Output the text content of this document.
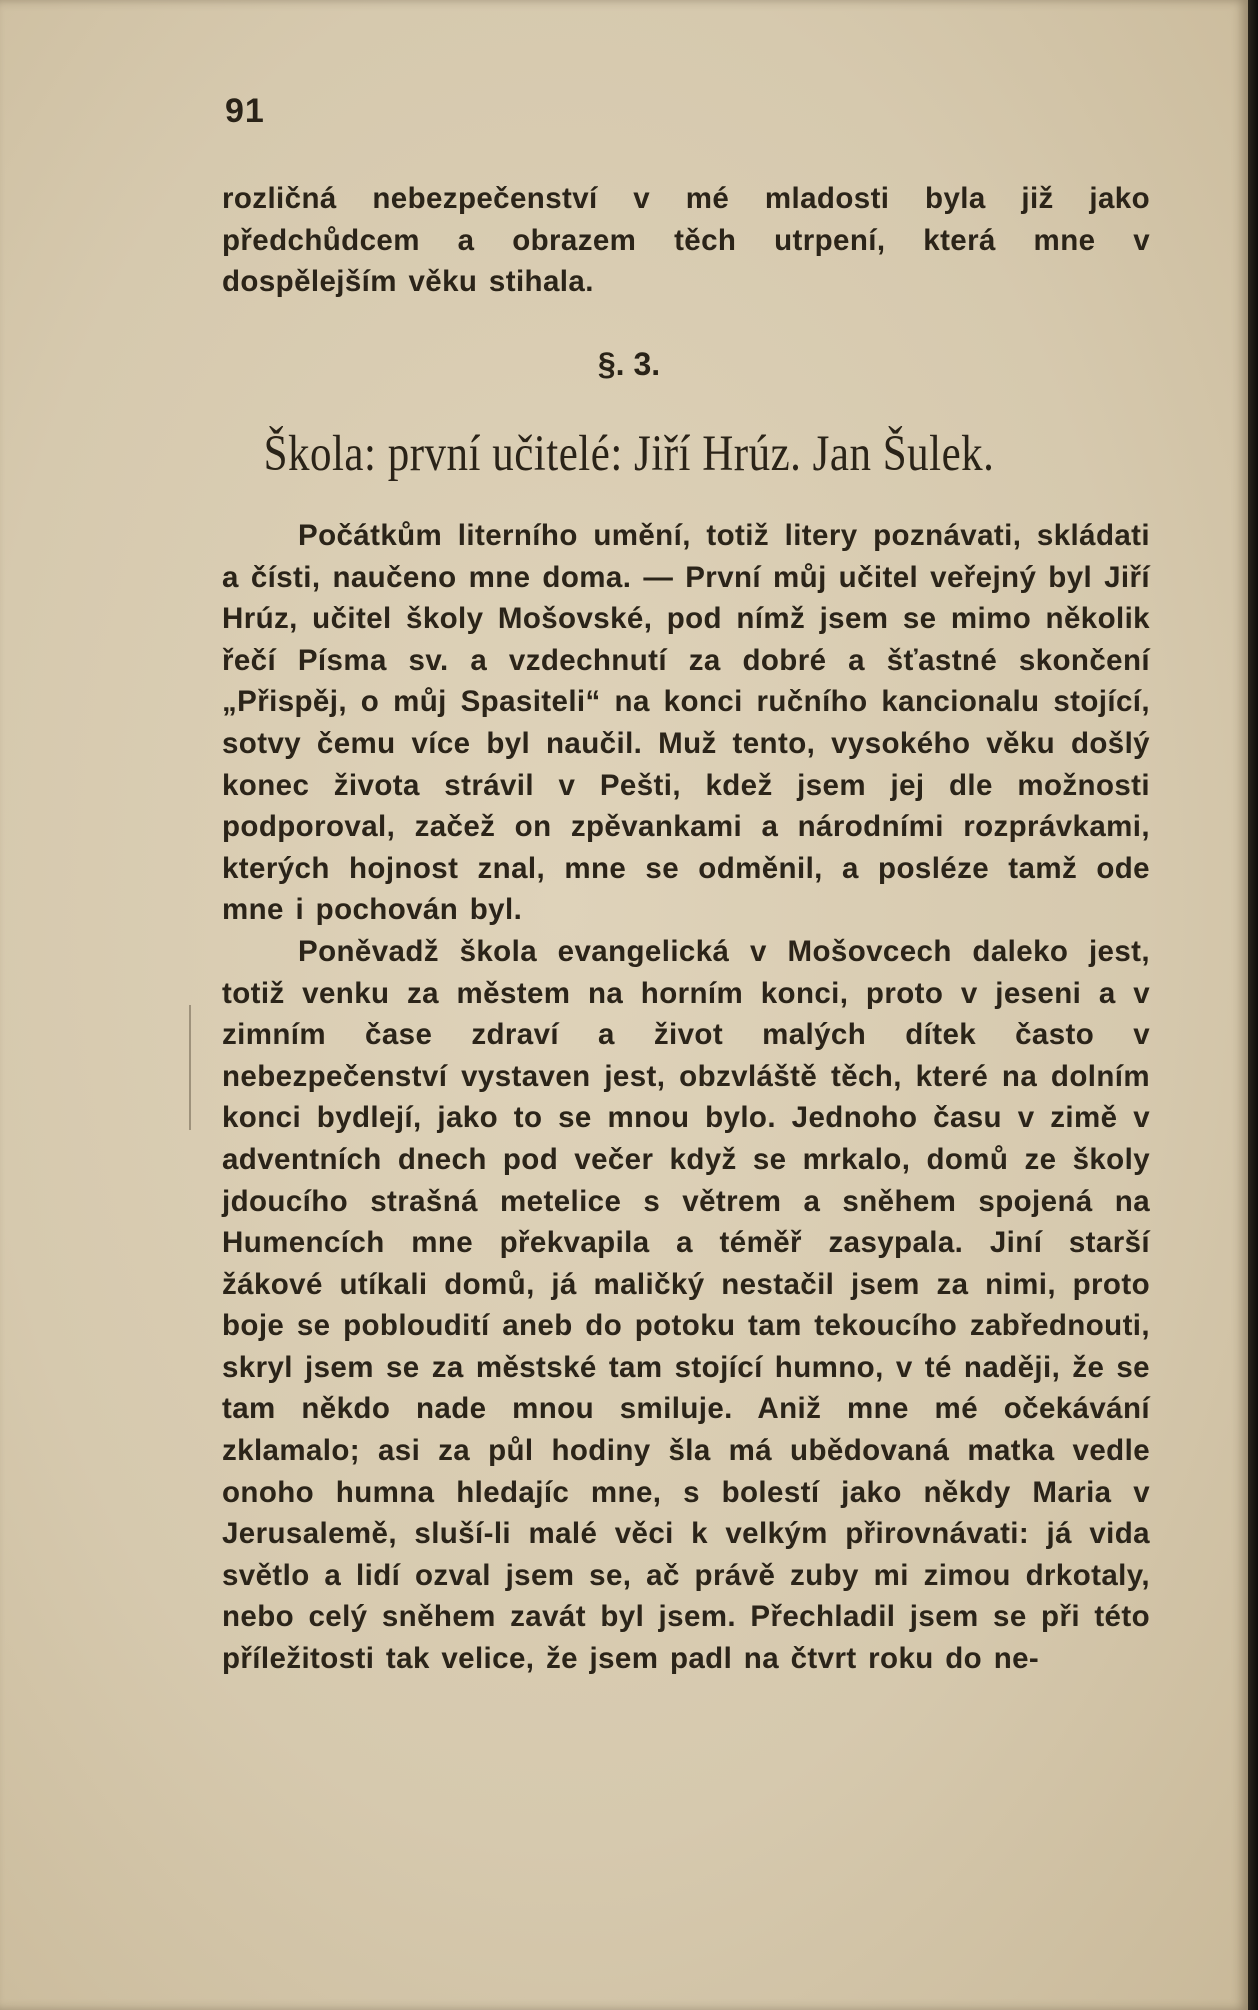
91

rozličná nebezpečenství v mé mladosti byla již jako předchůdcem a obrazem těch utrpení, která mne v dospělejším věku stihala.

§. 3.
Škola: první učitelé: Jiří Hrúz. Jan Šulek.

Počátkům literního umění, totiž litery poznávati, skládati a čísti, naučeno mne doma. — První můj učitel veřejný byl Jiří Hrúz, učitel školy Mošovské, pod nímž jsem se mimo několik řečí Písma sv. a vzdechnutí za dobré a šťastné skončení „Přispěj, o můj Spasiteli“ na konci ručního kancionalu stojící, sotvy čemu více byl naučil. Muž tento, vysokého věku došlý konec života strávil v Pešti, kdež jsem jej dle možnosti podporoval, začež on zpěvankami a národními rozprávkami, kterých hojnost znal, mne se odměnil, a posléze tamž ode mne i pochován byl.

Poněvadž škola evangelická v Mošovcech daleko jest, totiž venku za městem na horním konci, proto v jeseni a v zimním čase zdraví a život malých dítek často v nebezpečenství vystaven jest, obzvláště těch, které na dolním konci bydlejí, jako to se mnou bylo. Jednoho času v zimě v adventních dnech pod večer když se mrkalo, domů ze školy jdoucího strašná metelice s větrem a sněhem spojená na Humencích mne překvapila a téměř zasypala. Jiní starší žákové utíkali domů, já maličký nestačil jsem za nimi, proto boje se pobloudití aneb do potoku tam tekoucího zabřednouti, skryl jsem se za městské tam stojící humno, v té naději, že se tam někdo nade mnou smiluje. Aniž mne mé očekávání zklamalo; asi za půl hodiny šla má ubědovaná matka vedle onoho humna hledajíc mne, s bolestí jako někdy Maria v Jerusalemě, sluší-li malé věci k velkým přirovnávati: já vida světlo a lidí ozval jsem se, ač právě zuby mi zimou drkotaly, nebo celý sněhem zavát byl jsem. Přechladil jsem se při této příležitosti tak velice, že jsem padl na čtvrt roku do ne-
